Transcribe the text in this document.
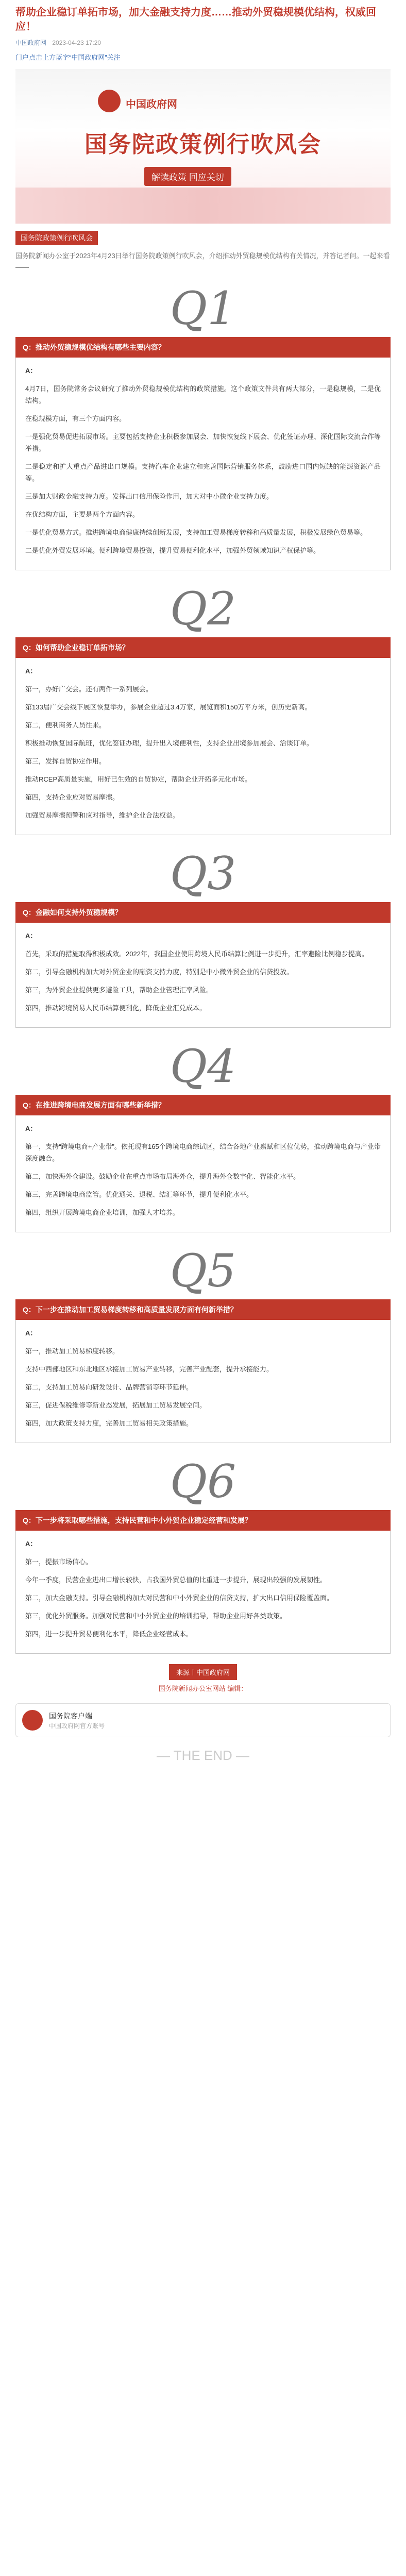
帮助企业稳订单拓市场，加大金融支持力度……推动外贸稳规模优结构，权威回应！
中国政府网 2023-04-23 17:20
门户点击上方蓝字“中国政府网”关注
中国政府网
国务院政策例行吹风会
解读政策 回应关切
国务院政策例行吹风会
国务院新闻办公室于2023年4月23日举行国务院政策例行吹风会，介绍推动外贸稳规模优结构有关情况，并答记者问。一起来看——
Q1
Q：推动外贸稳规模优结构有哪些主要内容？

A：

4月7日，国务院常务会议研究了推动外贸稳规模优结构的政策措施。这个政策文件共有两大部分，一是稳规模，二是优结构。

在稳规模方面，有三个方面内容。

一是强化贸易促进拓展市场。主要包括支持企业积极参加展会、加快恢复线下展会、优化签证办理、深化国际交流合作等举措。

二是稳定和扩大重点产品进出口规模。支持汽车企业建立和完善国际营销服务体系，鼓励进口国内短缺的能源资源产品等。

三是加大财政金融支持力度。发挥出口信用保险作用，加大对中小微企业支持力度。

在优结构方面，主要是两个方面内容。

一是优化贸易方式。推进跨境电商健康持续创新发展，支持加工贸易梯度转移和高质量发展，积极发展绿色贸易等。

二是优化外贸发展环境。便利跨境贸易投资，提升贸易便利化水平，加强外贸领域知识产权保护等。

Q2
Q：如何帮助企业稳订单拓市场？

A：

第一，办好广交会。还有两件一系列展会。

第133届广交会线下展区恢复举办，参展企业超过3.4万家，展览面积150万平方米，创历史新高。

第二，便利商务人员往来。

积极推动恢复国际航班，优化签证办理，提升出入境便利性，支持企业出境参加展会、洽谈订单。

第三，发挥自贸协定作用。

推动RCEP高质量实施，用好已生效的自贸协定，帮助企业开拓多元化市场。

第四，支持企业应对贸易摩擦。

加强贸易摩擦预警和应对指导，维护企业合法权益。

Q3
Q：金融如何支持外贸稳规模？

A：

首先，采取的措施取得积极成效。2022年，我国企业使用跨境人民币结算比例进一步提升，汇率避险比例稳步提高。

第二，引导金融机构加大对外贸企业的融资支持力度，特别是中小微外贸企业的信贷投放。

第三，为外贸企业提供更多避险工具，帮助企业管理汇率风险。

第四，推动跨境贸易人民币结算便利化，降低企业汇兑成本。

Q4
Q：在推进跨境电商发展方面有哪些新举措？

A：

第一，支持“跨境电商+产业带”。依托现有165个跨境电商综试区，结合各地产业禀赋和区位优势，推动跨境电商与产业带深度融合。

第二，加快海外仓建设。鼓励企业在重点市场布局海外仓，提升海外仓数字化、智能化水平。

第三，完善跨境电商监管。优化通关、退税、结汇等环节，提升便利化水平。

第四，组织开展跨境电商企业培训，加强人才培养。

Q5
Q：下一步在推动加工贸易梯度转移和高质量发展方面有何新举措？

A：

第一，推动加工贸易梯度转移。

支持中西部地区和东北地区承接加工贸易产业转移，完善产业配套，提升承接能力。

第二，支持加工贸易向研发设计、品牌营销等环节延伸。

第三，促进保税维修等新业态发展，拓展加工贸易发展空间。

第四，加大政策支持力度，完善加工贸易相关政策措施。

Q6
Q：下一步将采取哪些措施，支持民营和中小外贸企业稳定经营和发展？

A：

第一，提振市场信心。

今年一季度，民营企业进出口增长较快，占我国外贸总值的比重进一步提升，展现出较强的发展韧性。

第二，加大金融支持。引导金融机构加大对民营和中小外贸企业的信贷支持，扩大出口信用保险覆盖面。

第三，优化外贸服务。加强对民营和中小外贸企业的培训指导，帮助企业用好各类政策。

第四，进一步提升贸易便利化水平，降低企业经营成本。

来源丨中国政府网
国务院新闻办公室网站 编辑：
国务院客户端
中国政府网官方账号
— THE END —
